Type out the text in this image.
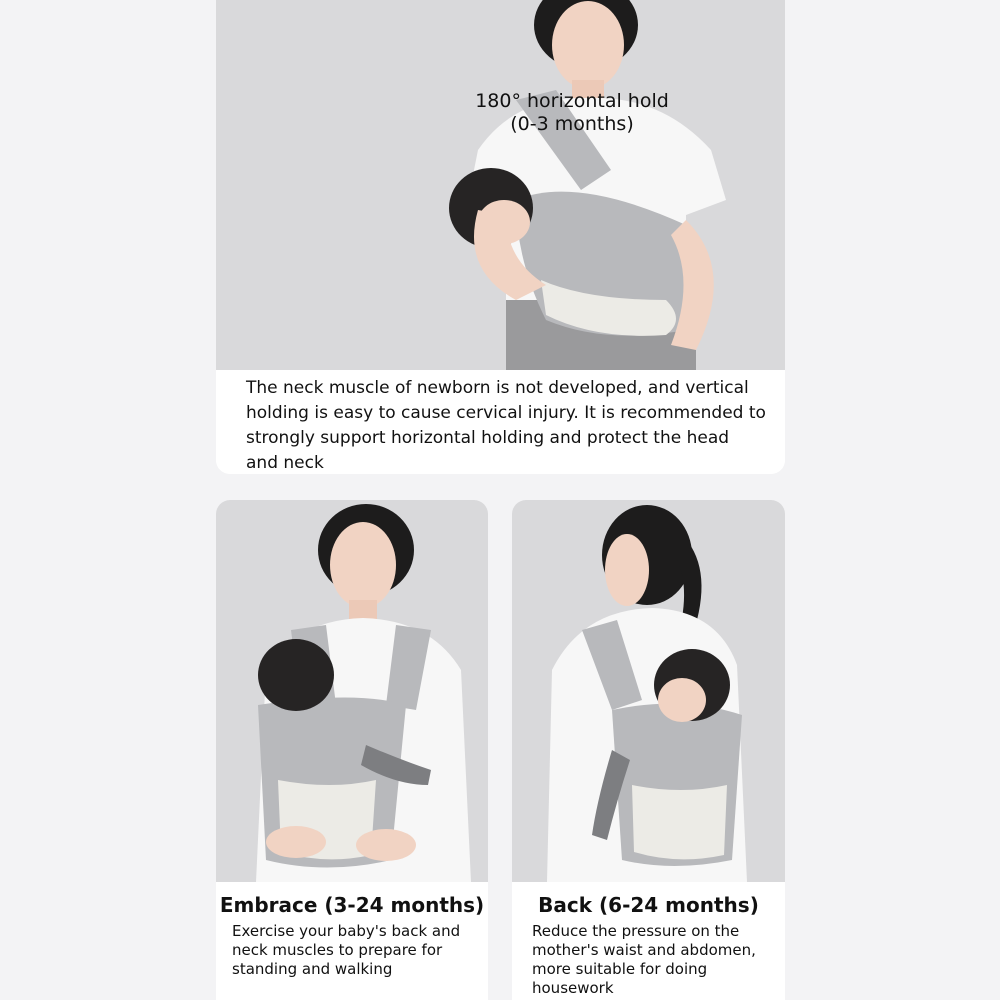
180° horizontal hold
(0-3 months)

The neck muscle of newborn is not developed, and vertical holding is easy to cause cervical injury. It is recommended to strongly support horizontal holding and protect the head and neck

Embrace (3-24 months)

Exercise your baby's back and neck muscles to prepare for standing and walking

Back (6-24 months)

Reduce the pressure on the mother's waist and abdomen, more suitable for doing housework
